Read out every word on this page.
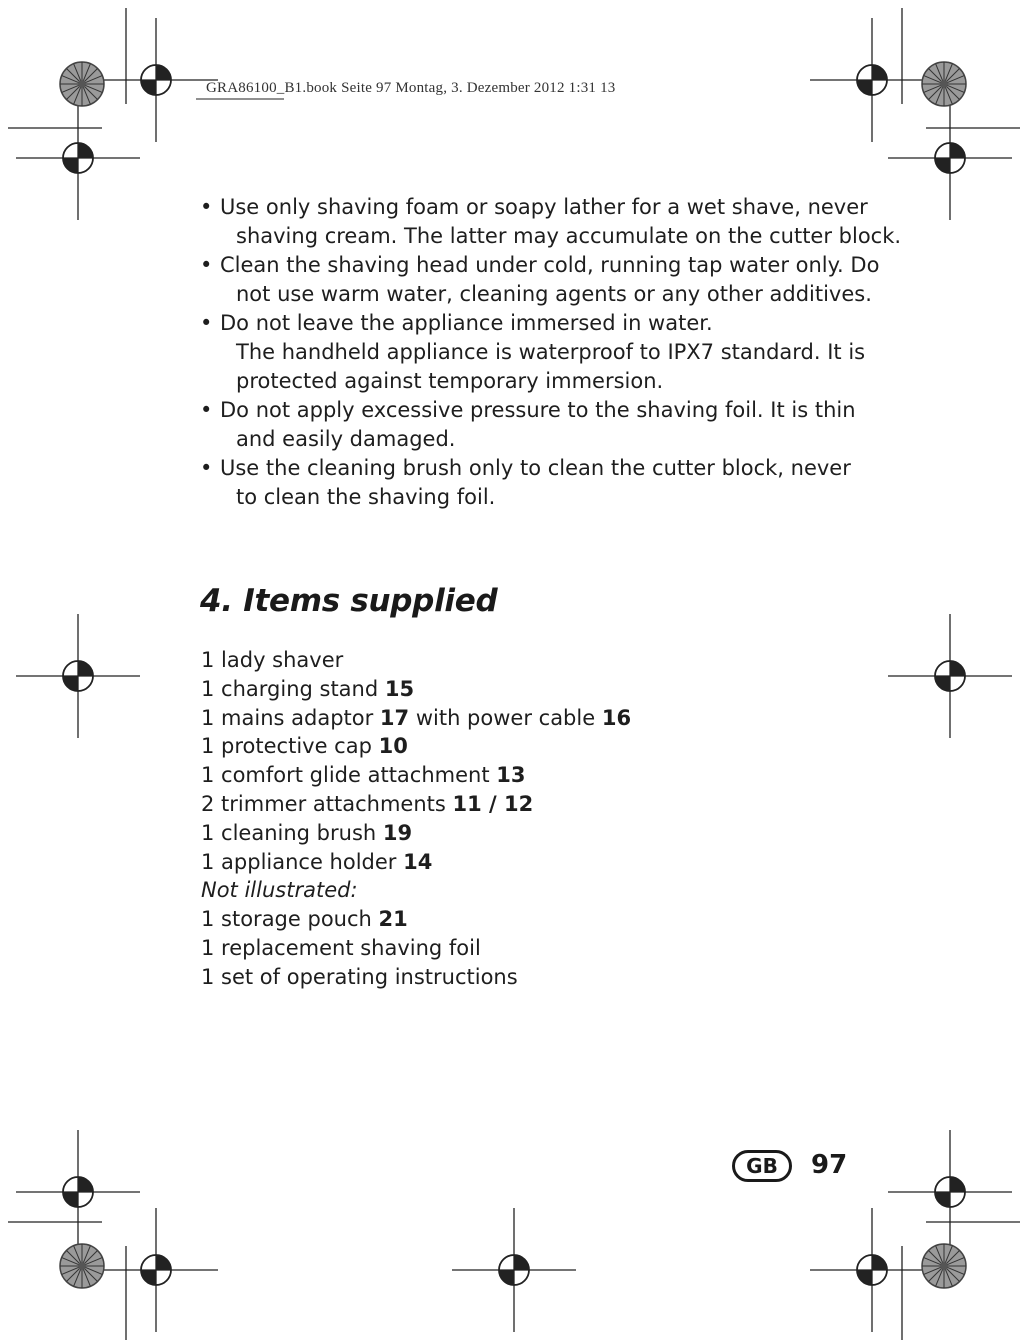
GRA86100_B1.book Seite 97 Montag, 3. Dezember 2012 1:31 13
• Use only shaving foam or soapy lather for a wet shave, never
shaving cream. The latter may accumulate on the cutter block.
• Clean the shaving head under cold, running tap water only. Do
not use warm water, cleaning agents or any other additives.
• Do not leave the appliance immersed in water.
The handheld appliance is waterproof to IPX7 standard. It is
protected against temporary immersion.
• Do not apply excessive pressure to the shaving foil. It is thin
and easily damaged.
• Use the cleaning brush only to clean the cutter block, never
to clean the shaving foil.
4. Items supplied
1 lady shaver
1 charging stand 15
1 mains adaptor 17 with power cable 16
1 protective cap 10
1 comfort glide attachment 13
2 trimmer attachments 11 / 12
1 cleaning brush 19
1 appliance holder 14
Not illustrated:
1 storage pouch 21
1 replacement shaving foil
1 set of operating instructions
GB	97
